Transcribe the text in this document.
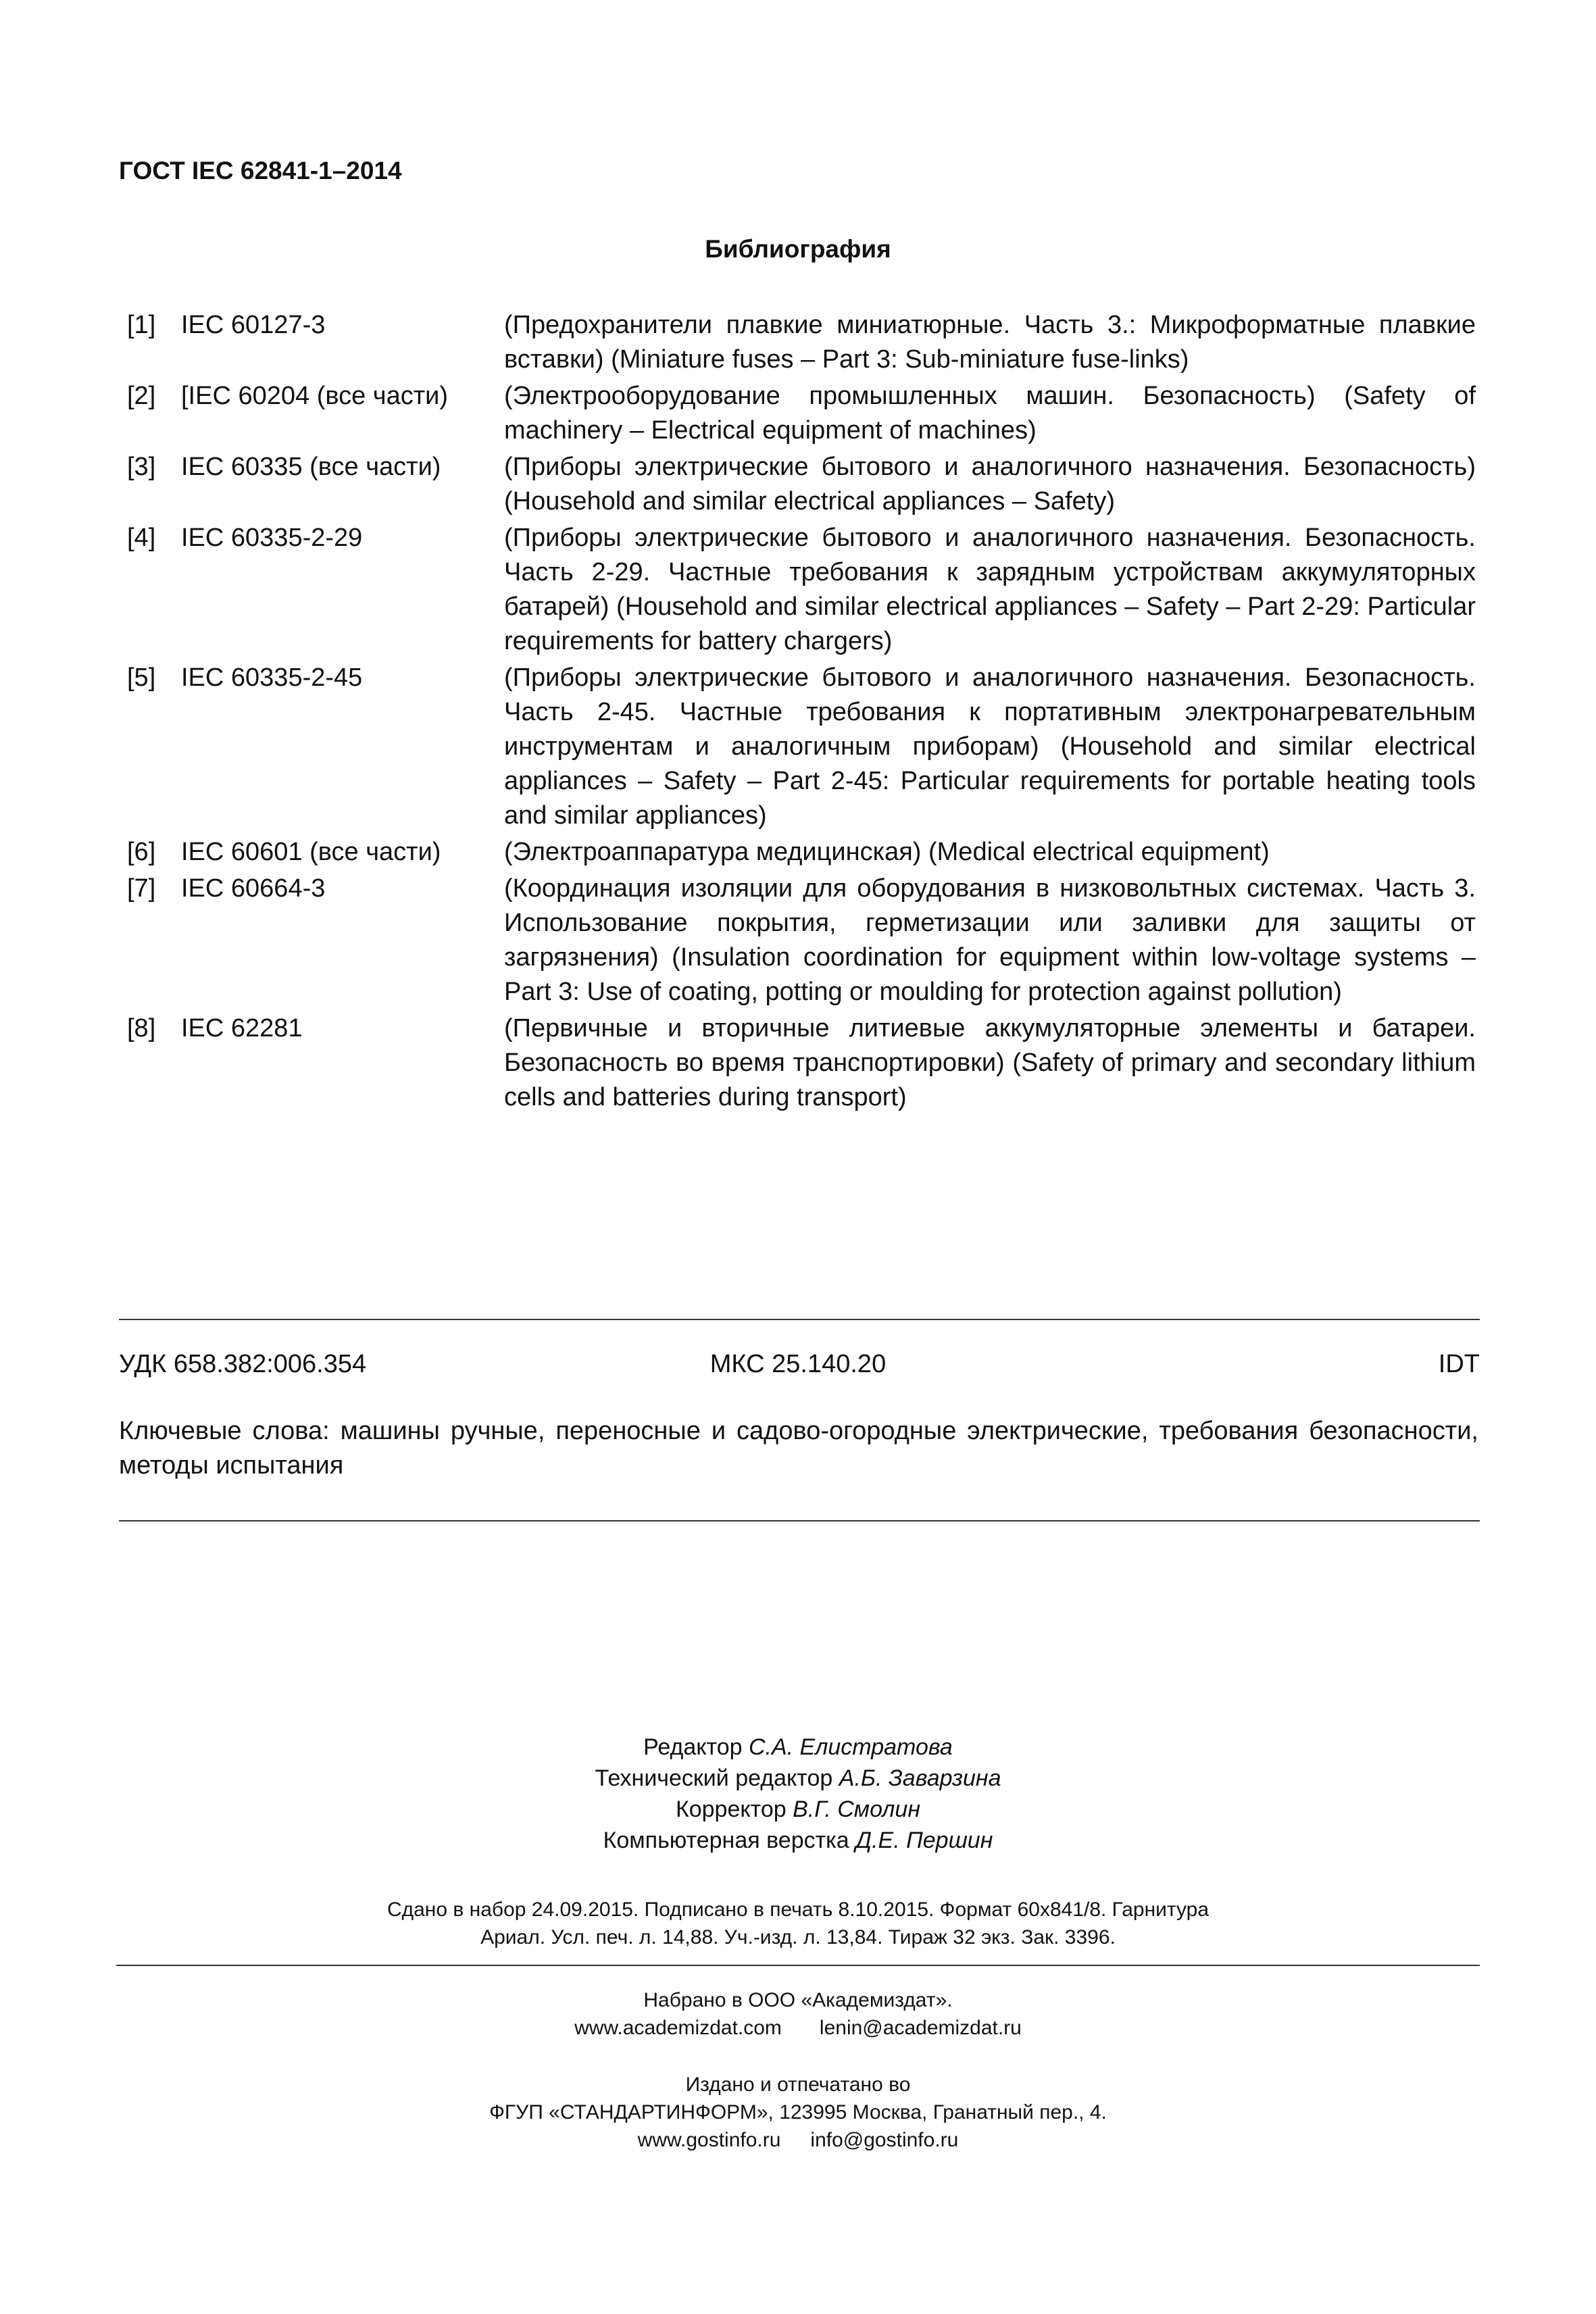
ГОСТ IEC 62841-1–2014
Библиография
[1] IEC 60127-3	(Предохранители плавкие миниатюрные. Часть 3.: Микроформатные плавкие вставки) (Miniature fuses – Part 3: Sub-miniature fuse-links)
[2] [IEC 60204 (все части)	(Электрооборудование промышленных машин. Безопасность) (Safety of machinery – Electrical equipment of machines)
[3] IEC 60335 (все части)	(Приборы электрические бытового и аналогичного назначения. Безопасность) (Household and similar electrical appliances – Safety)
[4] IEC 60335-2-29	(Приборы электрические бытового и аналогичного назначения. Безопасность. Часть 2-29. Частные требования к зарядным устройствам аккумуляторных батарей) (Household and similar electrical appliances – Safety – Part 2-29: Particular requirements for battery chargers)
[5] IEC 60335-2-45	(Приборы электрические бытового и аналогичного назначения. Безопасность. Часть 2-45. Частные требования к портативным электронагревательным инструментам и аналогичным приборам) (Household and similar electrical appliances – Safety – Part 2-45: Particular requirements for portable heating tools and similar appliances)
[6] IEC 60601 (все части)	(Электроаппаратура медицинская) (Medical electrical equipment)
[7] IEC 60664-3	(Координация изоляции для оборудования в низковольтных системах. Часть 3. Использование покрытия, герметизации или заливки для защиты от загрязнения) (Insulation coordination for equipment within low-voltage systems – Part 3: Use of coating, potting or moulding for protection against pollution)
[8] IEC 62281	(Первичные и вторичные литиевые аккумуляторные элементы и батареи. Безопасность во время транспортировки) (Safety of primary and secondary lithium cells and batteries during transport)
УДК 658.382:006.354	МКС 25.140.20	IDT
Ключевые слова: машины ручные, переносные и садово-огородные электрические, требования безопасности, методы испытания
Редактор С.А. Елистратова
Технический редактор А.Б. Заварзина
Корректор В.Г. Смолин
Компьютерная верстка Д.Е. Першин
Сдано в набор 24.09.2015. Подписано в печать 8.10.2015. Формат 60x841/8. Гарнитура
Ариал. Усл. печ. л. 14,88. Уч.-изд. л. 13,84. Тираж 32 экз. Зак. 3396.
Набрано в ООО «Академиздат».
www.academizdat.com lenin@academizdat.ru
Издано и отпечатано во
ФГУП «СТАНДАРТИНФОРМ», 123995 Москва, Гранатный пер., 4.
www.gostinfo.ru info@gostinfo.ru
